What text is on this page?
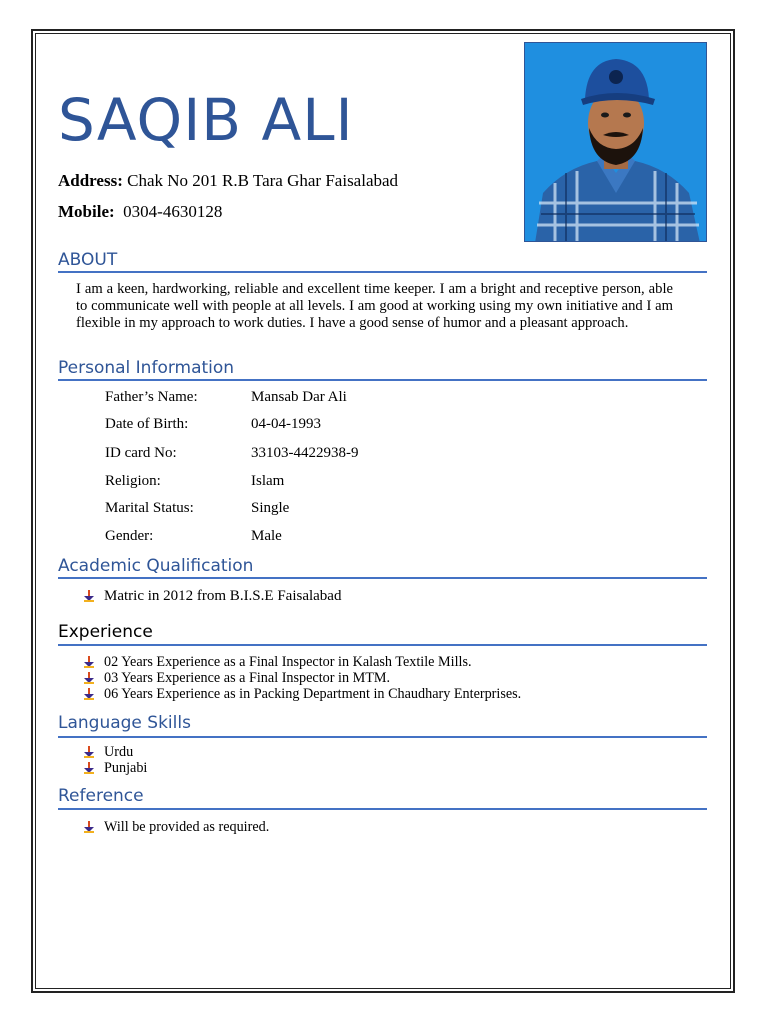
SAQIB ALI
Address: Chak No 201 R.B Tara Ghar Faisalabad
Mobile: 0304-4630128
ABOUT
I am a keen, hardworking, reliable and excellent time keeper. I am a bright and receptive person, able to communicate well with people at all levels. I am good at working using my own initiative and I am flexible in my approach to work duties. I have a good sense of humor and a pleasant approach.
Personal Information
Father’s Name:	Mansab Dar Ali
Date of Birth:	04-04-1993
ID card No:	33103-4422938-9
Religion:	Islam
Marital Status:	Single
Gender:	Male
Academic Qualification
Matric in 2012 from B.I.S.E Faisalabad
Experience
02 Years Experience as a Final Inspector in Kalash Textile Mills.
03 Years Experience as a Final Inspector in MTM.
06 Years Experience as in Packing Department in Chaudhary Enterprises.
Language Skills
Urdu
Punjabi
Reference
Will be provided as required.
